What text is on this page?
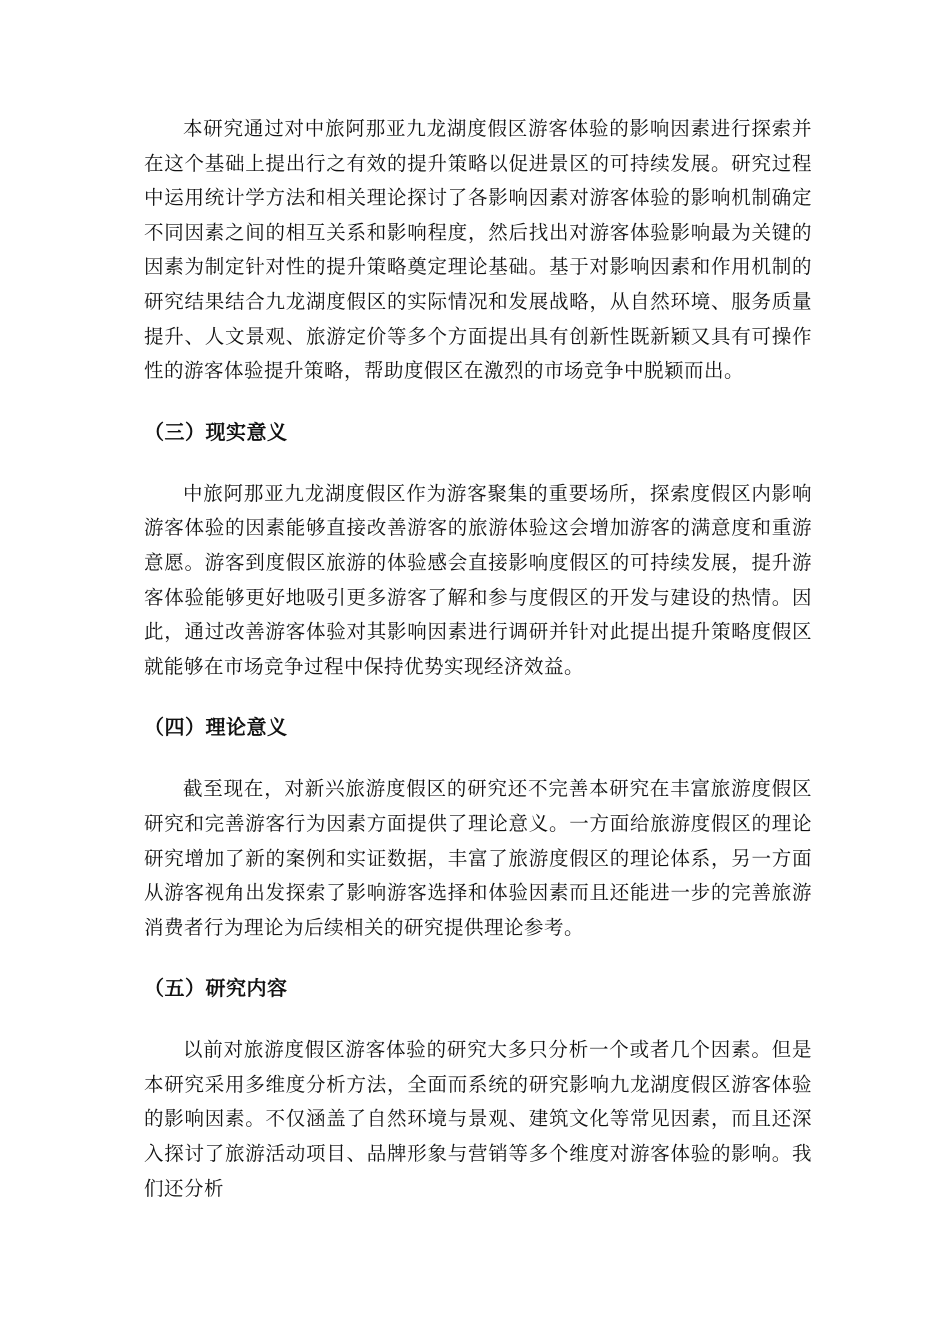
本研究通过对中旅阿那亚九龙湖度假区游客体验的影响因素进行探索并在这个基础上提出行之有效的提升策略以促进景区的可持续发展。研究过程中运用统计学方法和相关理论探讨了各影响因素对游客体验的影响机制确定不同因素之间的相互关系和影响程度，然后找出对游客体验影响最为关键的因素为制定针对性的提升策略奠定理论基础。基于对影响因素和作用机制的研究结果结合九龙湖度假区的实际情况和发展战略，从自然环境、服务质量提升、人文景观、旅游定价等多个方面提出具有创新性既新颖又具有可操作性的游客体验提升策略，帮助度假区在激烈的市场竞争中脱颖而出。

（三）现实意义

中旅阿那亚九龙湖度假区作为游客聚集的重要场所，探索度假区内影响游客体验的因素能够直接改善游客的旅游体验这会增加游客的满意度和重游意愿。游客到度假区旅游的体验感会直接影响度假区的可持续发展，提升游客体验能够更好地吸引更多游客了解和参与度假区的开发与建设的热情。因此，通过改善游客体验对其影响因素进行调研并针对此提出提升策略度假区就能够在市场竞争过程中保持优势实现经济效益。

（四）理论意义

截至现在，对新兴旅游度假区的研究还不完善本研究在丰富旅游度假区研究和完善游客行为因素方面提供了理论意义。一方面给旅游度假区的理论研究增加了新的案例和实证数据，丰富了旅游度假区的理论体系，另一方面从游客视角出发探索了影响游客选择和体验因素而且还能进一步的完善旅游消费者行为理论为后续相关的研究提供理论参考。

（五）研究内容

以前对旅游度假区游客体验的研究大多只分析一个或者几个因素。但是本研究采用多维度分析方法，全面而系统的研究影响九龙湖度假区游客体验的影响因素。不仅涵盖了自然环境与景观、建筑文化等常见因素，而且还深入探讨了旅游活动项目、品牌形象与营销等多个维度对游客体验的影响。我们还分析
